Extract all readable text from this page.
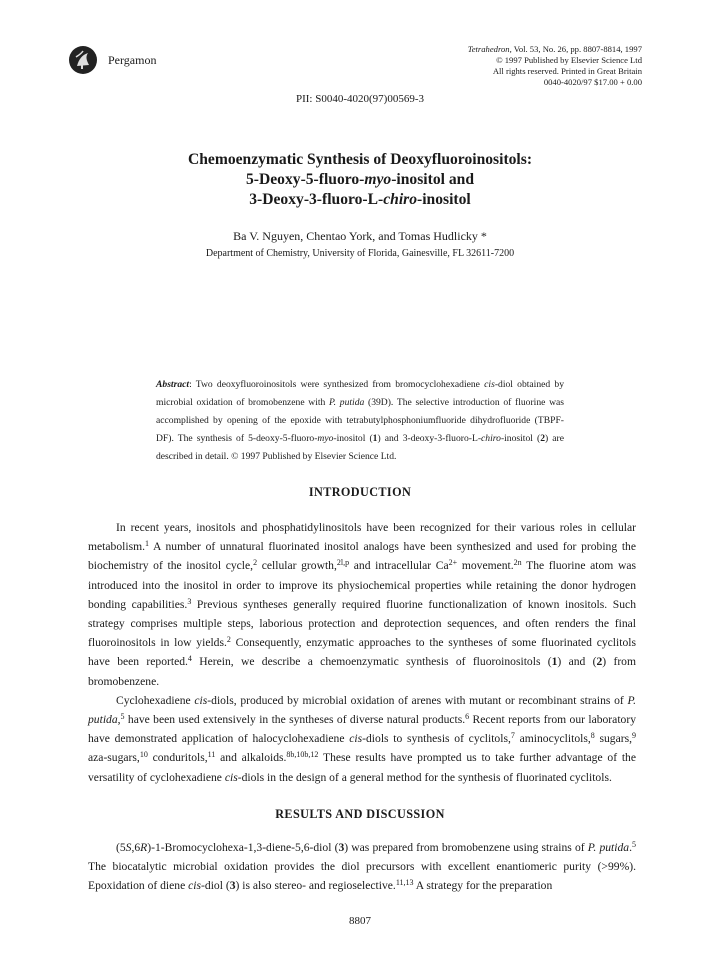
Pergamon
Tetrahedron, Vol. 53, No. 26, pp. 8807-8814, 1997
© 1997 Published by Elsevier Science Ltd
All rights reserved. Printed in Great Britain
0040-4020/97 $17.00 + 0.00
PII: S0040-4020(97)00569-3
Chemoenzymatic Synthesis of Deoxyfluoroinositols:
5-Deoxy-5-fluoro-myo-inositol and
3-Deoxy-3-fluoro-L-chiro-inositol
Ba V. Nguyen, Chentao York, and Tomas Hudlicky *
Department of Chemistry, University of Florida, Gainesville, FL 32611-7200
Abstract: Two deoxyfluoroinositols were synthesized from bromocyclohexadiene cis-diol obtained by microbial oxidation of bromobenzene with P. putida (39D). The selective introduction of fluorine was accomplished by opening of the epoxide with tetrabutylphosphoniumfluoride dihydrofluoride (TBPF-DF). The synthesis of 5-deoxy-5-fluoro-myo-inositol (1) and 3-deoxy-3-fluoro-L-chiro-inositol (2) are described in detail. © 1997 Published by Elsevier Science Ltd.
INTRODUCTION

In recent years, inositols and phosphatidylinositols have been recognized for their various roles in cellular metabolism.$^1$ A number of unnatural fluorinated inositol analogs have been synthesized and used for probing the biochemistry of the inositol cycle,$^2$ cellular growth,$^{2l,p}$ and intracellular $Ca^{2+}$ movement.$^{2n}$ The fluorine atom was introduced into the inositol in order to improve its physiochemical properties while retaining the donor hydrogen bonding capabilities.$^3$ Previous syntheses generally required fluorine functionalization of known inositols. Such strategy comprises multiple steps, laborious protection and deprotection sequences, and often renders the final fluoroinositols in low yields.$^2$ Consequently, enzymatic approaches to the syntheses of some fluorinated cyclitols have been reported.$^4$ Herein, we describe a chemoenzymatic synthesis of fluoroinositols (1) and (2) from bromobenzene.

Cyclohexadiene cis-diols, produced by microbial oxidation of arenes with mutant or recombinant strains of P. putida,$^5$ have been used extensively in the syntheses of diverse natural products.$^6$ Recent reports from our laboratory have demonstrated application of halocyclohexadiene cis-diols to synthesis of cyclitols,$^7$ aminocyclitols,$^8$ sugars,$^9$ aza-sugars,$^{10}$ conduritols,$^{11}$ and alkaloids.$^{8b,10b,12}$ These results have prompted us to take further advantage of the versatility of cyclohexadiene cis-diols in the design of a general method for the synthesis of fluorinated cyclitols.

RESULTS AND DISCUSSION

(5S,6R)-1-Bromocyclohexa-1,3-diene-5,6-diol (3) was prepared from bromobenzene using strains of P. putida.$^5$ The biocatalytic microbial oxidation provides the diol precursors with excellent enantiomeric purity (>99%). Epoxidation of diene cis-diol (3) is also stereo- and regioselective.$^{11,13}$ A strategy for the preparation

8807
